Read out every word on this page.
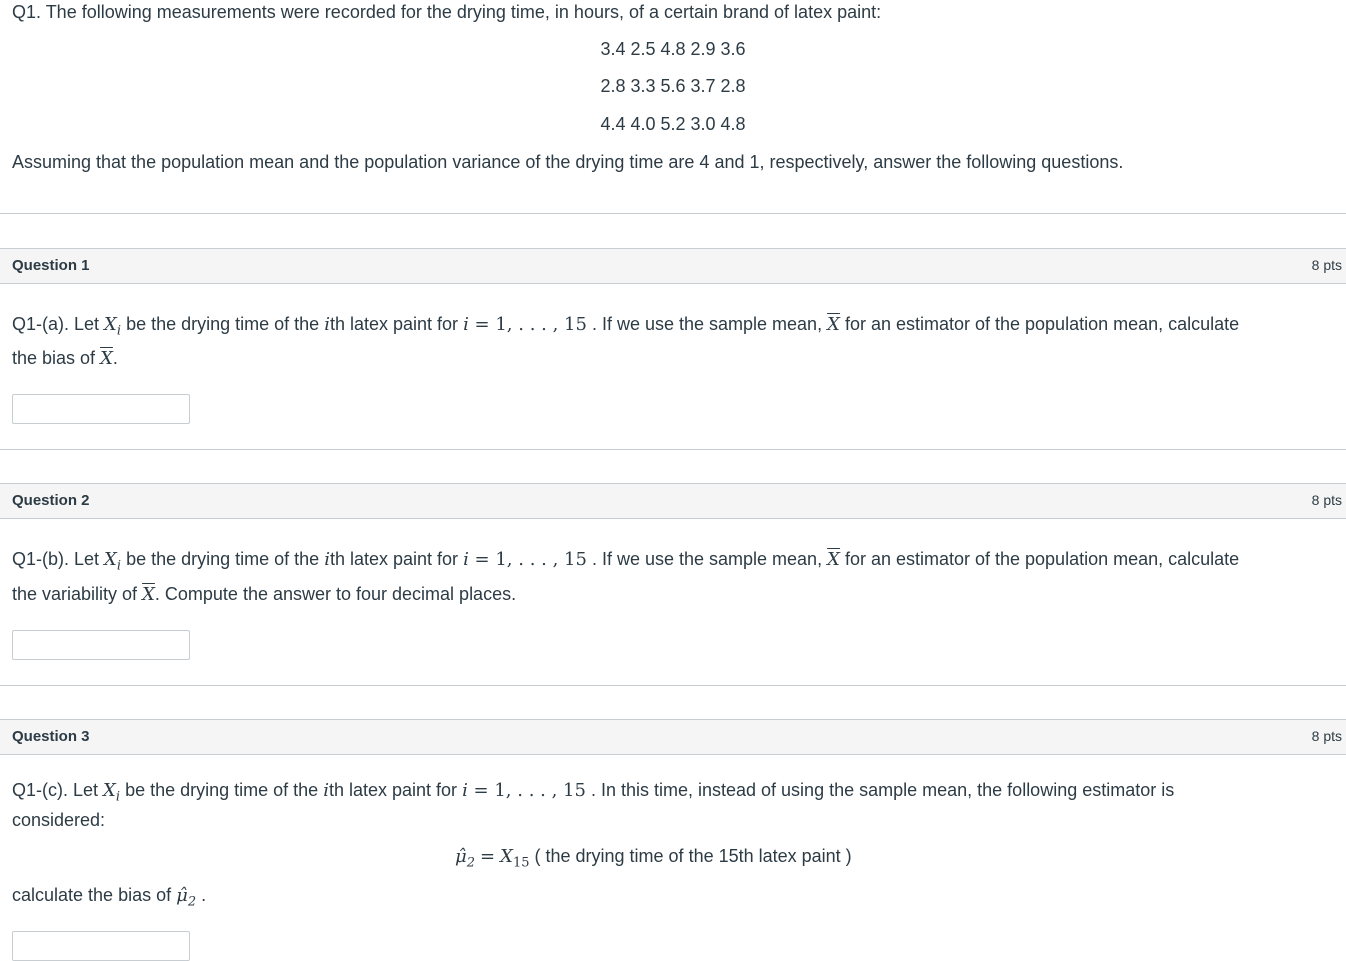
Q1. The following measurements were recorded for the drying time, in hours, of a certain brand of latex paint:
3.4 2.5 4.8 2.9 3.6
2.8 3.3 5.6 3.7 2.8
4.4 4.0 5.2 3.0 4.8
Assuming that the population mean and the population variance of the drying time are 4 and 1, respectively, answer the following questions.
Question 1	8 pts
Q1-(a). Let $X_i$ be the drying time of the ith latex paint for i = 1, . . . , 15 . If we use the sample mean, $\overline{X}$ for an estimator of the population mean, calculate
the bias of $\overline{X}$.
Question 2	8 pts
Q1-(b). Let $X_i$ be the drying time of the ith latex paint for i = 1, . . . , 15 . If we use the sample mean, $\overline{X}$ for an estimator of the population mean, calculate
the variability of $\overline{X}$. Compute the answer to four decimal places.
Question 3	8 pts
Q1-(c). Let $X_i$ be the drying time of the ith latex paint for i = 1, . . . , 15 . In this time, instead of using the sample mean, the following estimator is
considered:
$\mû_2 = X_{15}$ ( the drying time of the 15th latex paint )
calculate the bias of $\mû_2$ .
